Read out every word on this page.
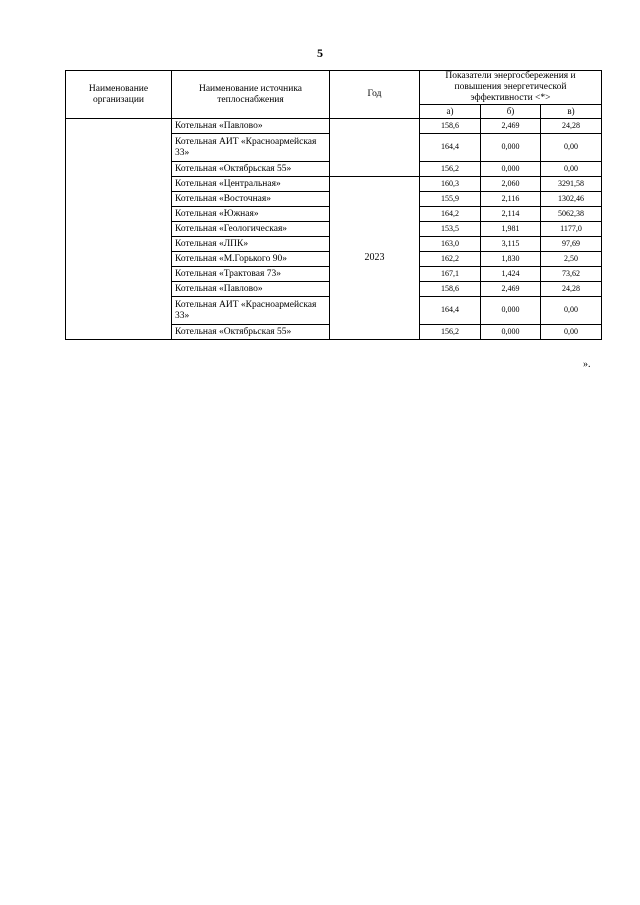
5
Наименование организации	Наименование источника теплоснабжения	Год	Показатели энергосбережения и повышения энергетической эффективности <*>		
			а)	б)	в)
	Котельная «Павлово»		158,6	2,469	24,28
	Котельная АИТ «Красноармейская 33»		164,4	0,000	0,00
	Котельная «Октябрьская 55»		156,2	0,000	0,00
	Котельная «Центральная»	2023	160,3	2,060	3291,58
	Котельная «Восточная»		155,9	2,116	1302,46
	Котельная «Южная»		164,2	2,114	5062,38
	Котельная «Геологическая»		153,5	1,981	1177,0
	Котельная «ЛПК»		163,0	3,115	97,69
	Котельная «М.Горького 90»		162,2	1,830	2,50
	Котельная «Трактовая 73»		167,1	1,424	73,62
	Котельная «Павлово»		158,6	2,469	24,28
	Котельная АИТ «Красноармейская 33»		164,4	0,000	0,00
	Котельная «Октябрьская 55»		156,2	0,000	0,00
».
